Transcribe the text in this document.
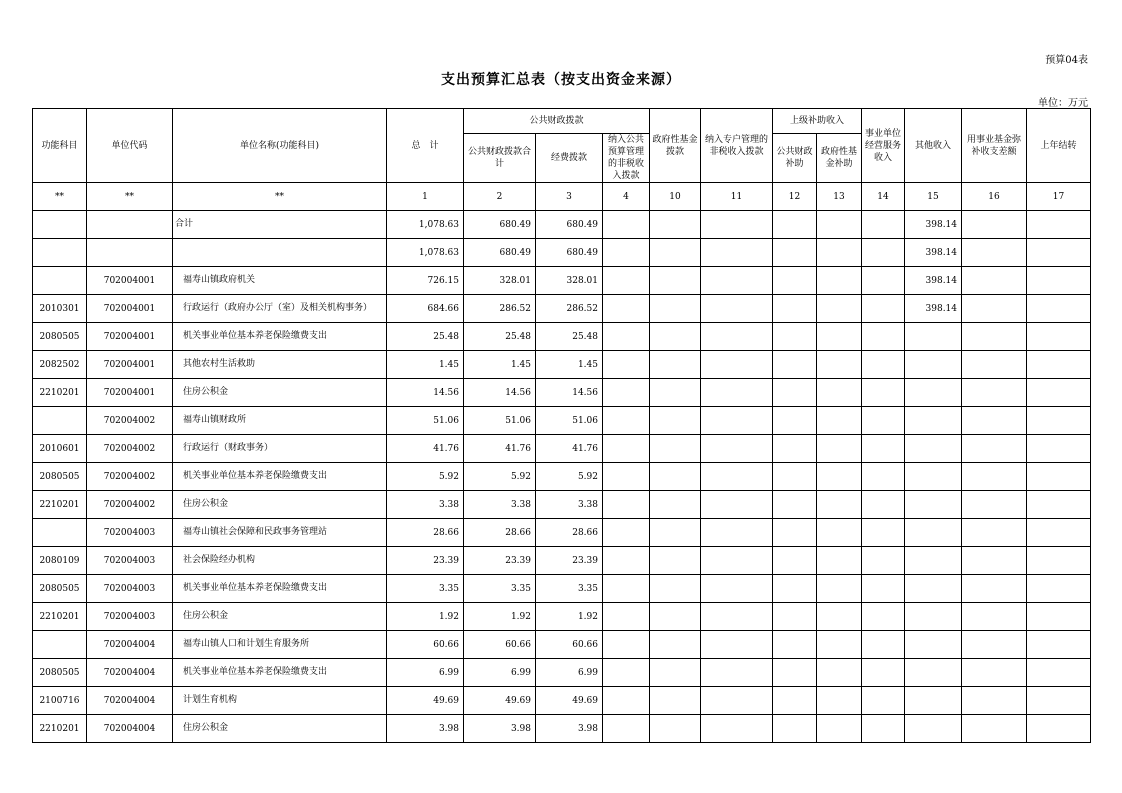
预算04表
支出预算汇总表（按支出资金来源）
单位：万元
功能科目	单位代码	单位名称(功能科目)	总　计	公共财政拨款			政府性基金拨款	纳入专户管理的非税收入拨款	上级补助收入		事业单位经营服务收入	其他收入	用事业基金弥补收支差额	上年结转
				公共财政拨款合计	经费拨款	纳入公共预算管理的非税收入拨款								
									公共财政补助	政府性基金补助				
**	**	**	1	2	3	4	10	11	12	13	14	15	16	17
		合计	1,078.63	680.49	680.49							398.14		
			1,078.63	680.49	680.49							398.14		
	702004001	福寿山镇政府机关	726.15	328.01	328.01							398.14		
2010301	702004001	行政运行（政府办公厅（室）及相关机构事务）	684.66	286.52	286.52							398.14		
2080505	702004001	机关事业单位基本养老保险缴费支出	25.48	25.48	25.48									
2082502	702004001	其他农村生活救助	1.45	1.45	1.45									
2210201	702004001	住房公积金	14.56	14.56	14.56									
	702004002	福寿山镇财政所	51.06	51.06	51.06									
2010601	702004002	行政运行（财政事务）	41.76	41.76	41.76									
2080505	702004002	机关事业单位基本养老保险缴费支出	5.92	5.92	5.92									
2210201	702004002	住房公积金	3.38	3.38	3.38									
	702004003	福寿山镇社会保障和民政事务管理站	28.66	28.66	28.66									
2080109	702004003	社会保险经办机构	23.39	23.39	23.39									
2080505	702004003	机关事业单位基本养老保险缴费支出	3.35	3.35	3.35									
2210201	702004003	住房公积金	1.92	1.92	1.92									
	702004004	福寿山镇人口和计划生育服务所	60.66	60.66	60.66									
2080505	702004004	机关事业单位基本养老保险缴费支出	6.99	6.99	6.99									
2100716	702004004	计划生育机构	49.69	49.69	49.69									
2210201	702004004	住房公积金	3.98	3.98	3.98									
